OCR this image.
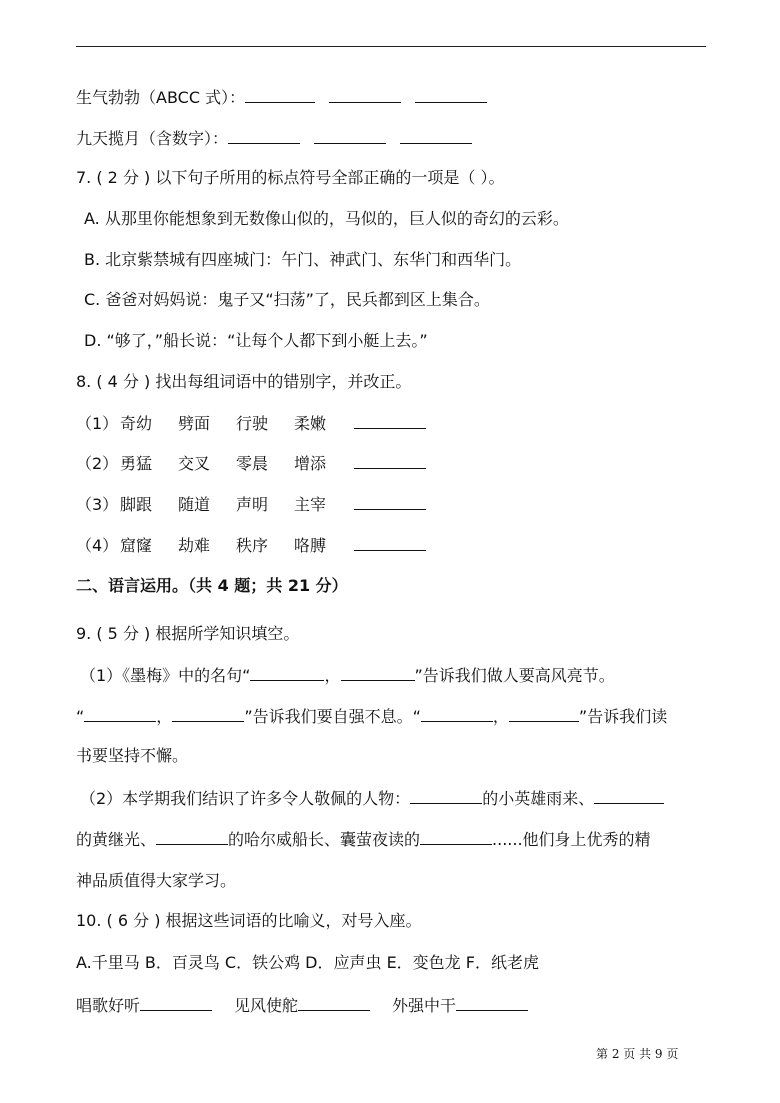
生气勃勃（ABCC 式）：
九天揽月（含数字）：
7. ( 2 分 ) 以下句子所用的标点符号全部正确的一项是（ ）。
A. 从那里你能想象到无数像山似的，马似的，巨人似的奇幻的云彩。
B. 北京紫禁城有四座城门：午门、神武门、东华门和西华门。
C. 爸爸对妈妈说：鬼子又“扫荡”了，民兵都到区上集合。
D. “够了，”船长说：“让每个人都下到小艇上去。”
8. ( 4 分 ) 找出每组词语中的错别字，并改正。
（1） 奇幼 劈面 行驶 柔嫩
（2） 勇猛 交叉 零晨 增添
（3） 脚跟 随道 声明 主宰
（4） 窟窿 劫难 秩序 咯膊
二、语言运用。（共 4 题；共 21 分）
9. ( 5 分 ) 根据所学知识填空。
（1）《墨梅》中的名句“	，	”告诉我们做人要高风亮节。
“	，	”告诉我们要自强不息。“	，	”告诉我们读
书要坚持不懈。
（2）本学期我们结识了许多令人敬佩的人物：	的小英雄雨来、
的黄继光、	的哈尔威船长、囊萤夜读的	......他们身上优秀的精
神品质值得大家学习。
10. ( 6 分 ) 根据这些词语的比喻义，对号入座。
A.千里马 B．百灵鸟 C．铁公鸡 D．应声虫 E．变色龙 F．纸老虎
唱歌好听	见风使舵	外强中干
第 2 页 共 9 页
